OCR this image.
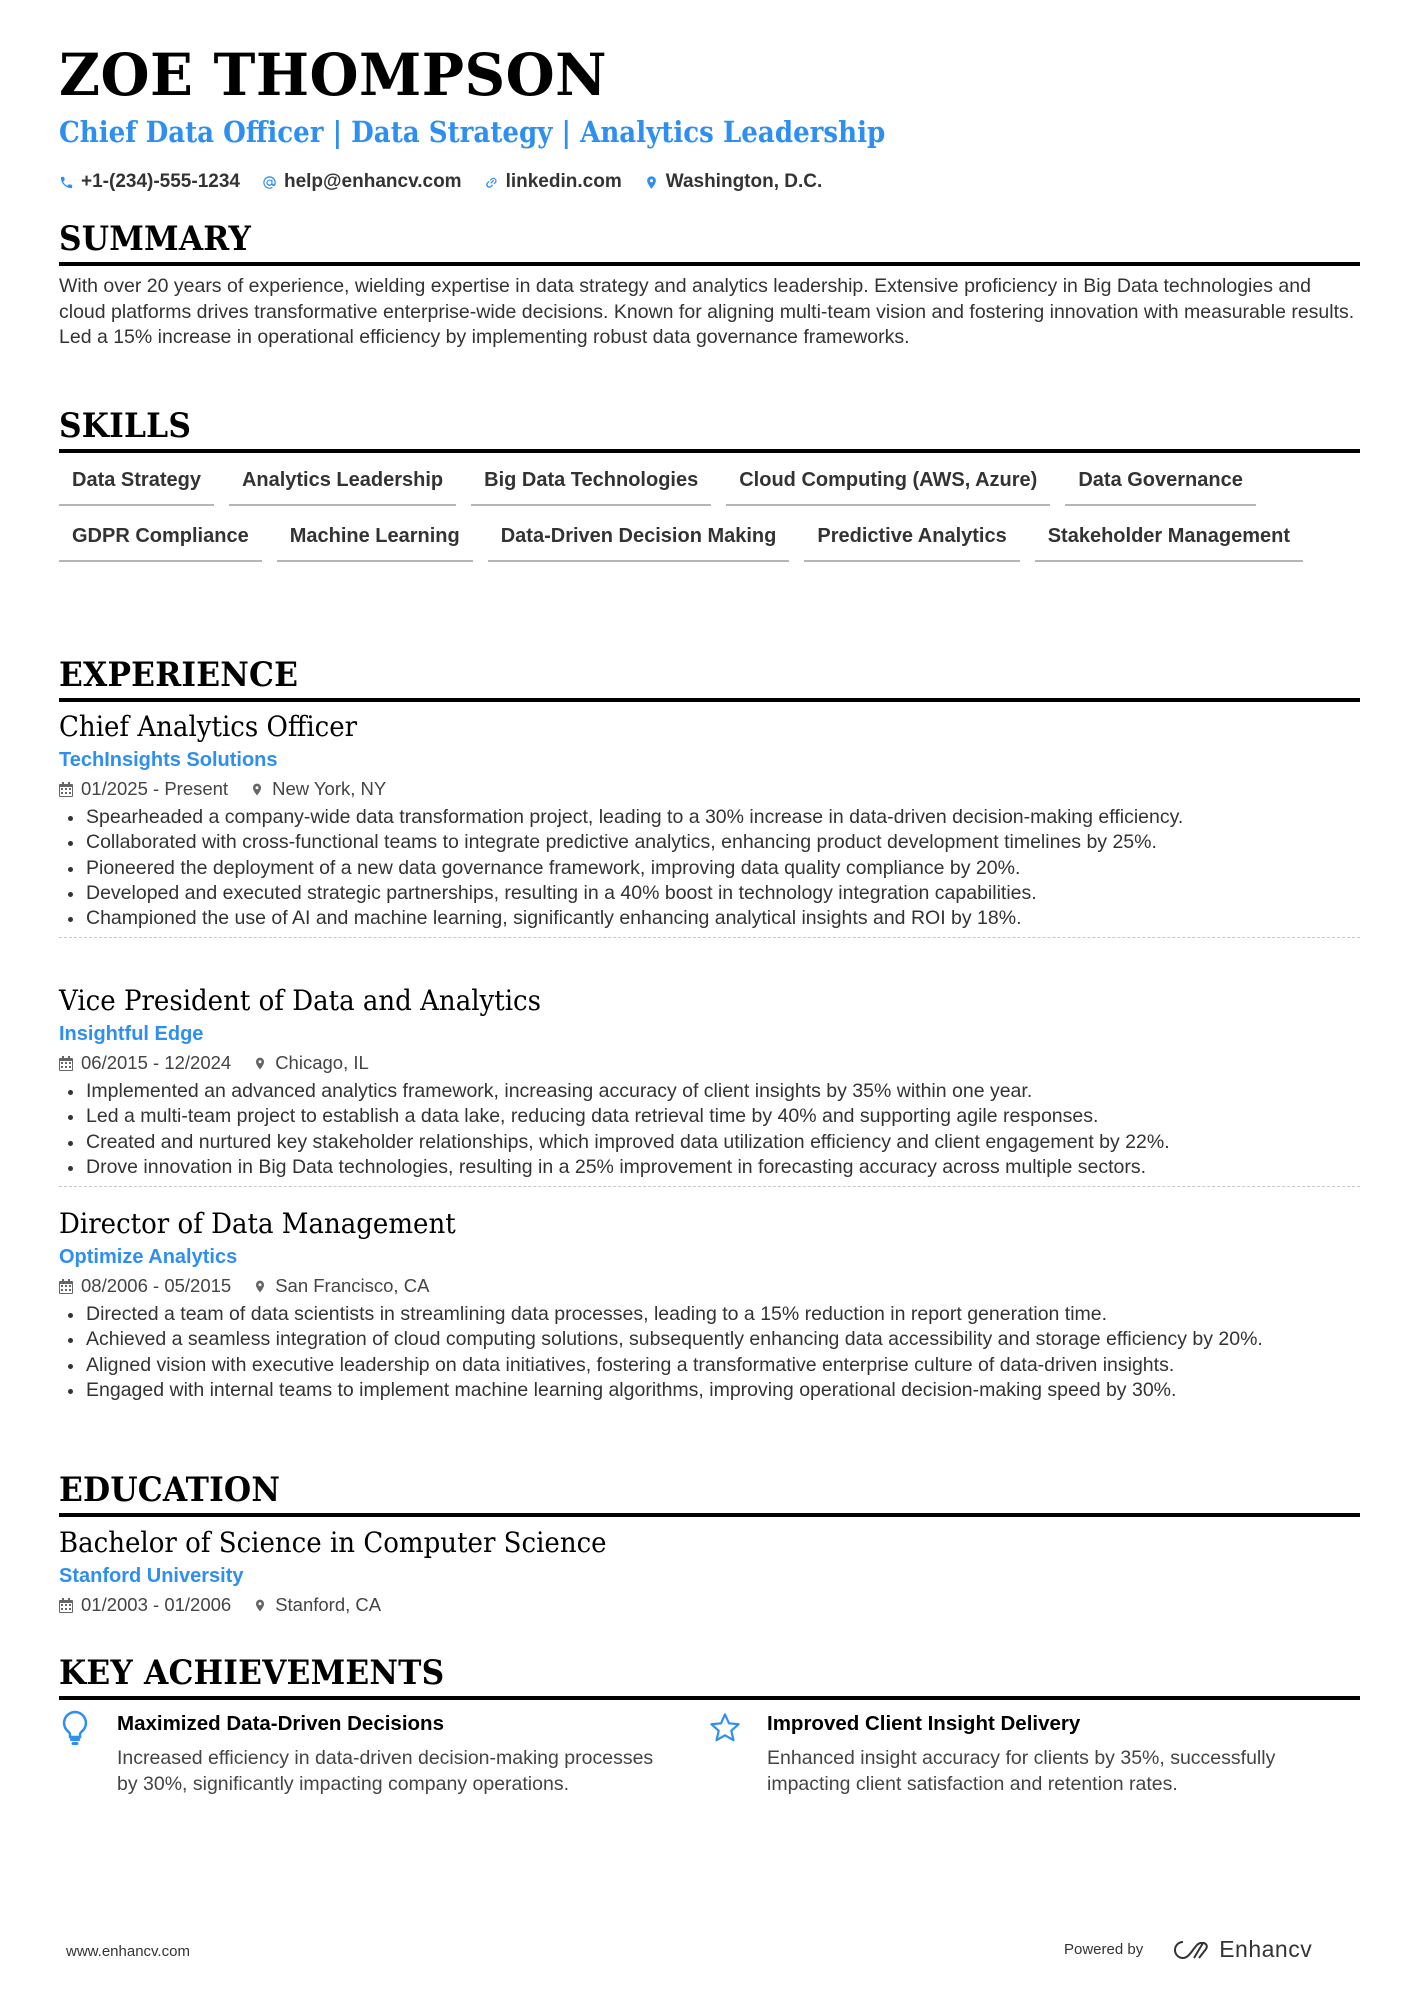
ZOE THOMPSON
Chief Data Officer | Data Strategy | Analytics Leadership
+1-(234)-555-1234 help@enhancv.com linkedin.com Washington, D.C.
SUMMARY
With over 20 years of experience, wielding expertise in data strategy and analytics leadership. Extensive proficiency in Big Data technologies and cloud platforms drives transformative enterprise-wide decisions. Known for aligning multi-team vision and fostering innovation with measurable results. Led a 15% increase in operational efficiency by implementing robust data governance frameworks.
SKILLS
Data Strategy	Analytics Leadership	Big Data Technologies	Cloud Computing (AWS, Azure)	Data Governance
GDPR Compliance	Machine Learning	Data-Driven Decision Making	Predictive Analytics	Stakeholder Management
EXPERIENCE
Chief Analytics Officer
TechInsights Solutions
01/2025 - Present New York, NY
Spearheaded a company-wide data transformation project, leading to a 30% increase in data-driven decision-making efficiency.
Collaborated with cross-functional teams to integrate predictive analytics, enhancing product development timelines by 25%.
Pioneered the deployment of a new data governance framework, improving data quality compliance by 20%.
Developed and executed strategic partnerships, resulting in a 40% boost in technology integration capabilities.
Championed the use of AI and machine learning, significantly enhancing analytical insights and ROI by 18%.
Vice President of Data and Analytics
Insightful Edge
06/2015 - 12/2024 Chicago, IL
Implemented an advanced analytics framework, increasing accuracy of client insights by 35% within one year.
Led a multi-team project to establish a data lake, reducing data retrieval time by 40% and supporting agile responses.
Created and nurtured key stakeholder relationships, which improved data utilization efficiency and client engagement by 22%.
Drove innovation in Big Data technologies, resulting in a 25% improvement in forecasting accuracy across multiple sectors.
Director of Data Management
Optimize Analytics
08/2006 - 05/2015 San Francisco, CA
Directed a team of data scientists in streamlining data processes, leading to a 15% reduction in report generation time.
Achieved a seamless integration of cloud computing solutions, subsequently enhancing data accessibility and storage efficiency by 20%.
Aligned vision with executive leadership on data initiatives, fostering a transformative enterprise culture of data-driven insights.
Engaged with internal teams to implement machine learning algorithms, improving operational decision-making speed by 30%.
EDUCATION
Bachelor of Science in Computer Science
Stanford University
01/2003 - 01/2006 Stanford, CA
KEY ACHIEVEMENTS
Maximized Data-Driven Decisions
Increased efficiency in data-driven decision-making processes by 30%, significantly impacting company operations.
Improved Client Insight Delivery
Enhanced insight accuracy for clients by 35%, successfully impacting client satisfaction and retention rates.
www.enhancv.com	Powered by	Enhancv
